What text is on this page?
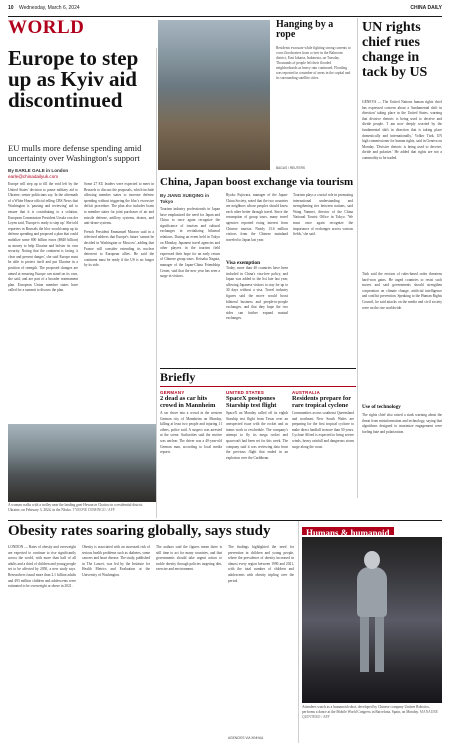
10 Wednesday, March 6, 2024	CHINA DAILY
WORLD
Europe to step up as Kyiv aid discontinued
EU mulls more defense spending amid uncertainty over Washington's support
By EARLE GALE in London
earle@chinadailyuk.com

Europe will step up to fill the void left by the United States' decision to pause military aid to Ukraine, senior politicians say. In the aftermath of a White House official telling CBS News that Washington is 'pausing and reviewing' aid to ensure that it is contributing to a solution, European Commission President Ursula von der Leyen said, 'Europe is ready to step up.' She told reporters in Brussels the bloc would ramp up its defense spending and proposed a plan that could mobilize some 800 billion euros ($840 billion) as money to help Ukraine and bolster its own security. Noting that the continent is facing 'a clear and present danger', she said Europe must be able to protect itself and put Ukraine in a position of strength. The proposed changes are aimed at ensuring Europe can stand on its own, she said, and are part of a broader rearmament plan. European Union member states have called for a summit to discuss the plan.

Some 27 EU leaders were expected to meet in Brussels to discuss the proposals, which include allowing member states to increase defense spending without triggering the bloc's excessive deficit procedure. The plan also includes loans to member states for joint purchases of air and missile defense, artillery systems, drones, and anti-drone systems.

French President Emmanuel Macron said in a televised address that Europe's future 'cannot be decided in Washington or Moscow', adding that France will consider extending its nuclear deterrent to European allies. He said the continent must be ready if the US is no longer by its side.

Hanging by a rope
Residents evacuate while fighting strong currents to cross floodwaters from a river in the Bahroom district, East Jakarta, Indonesia, on Tuesday. Thousands of people left their flooded neighborhoods as heavy rain continued. Flooding was reported in a number of areas in the capital and its surrounding satellite cities.
BAGUS / REUTERS
UN rights chief rues change in tack by US
GENEVA — The United Nations human rights chief has expressed concern about a 'fundamental shift in direction' taking place in the United States, warning that divisive rhetoric is being used to deceive and divide people. 'I am now deeply worried by the fundamental shift in direction that is taking place domestically and internationally,' Volker Türk, UN high commissioner for human rights, said in Geneva on Monday. 'Divisive rhetoric is being used to deceive, divide and polarize.' He added that rights are not a commodity to be traded.
Türk said the erosion of rules-based order threatens hard-won gains. He urged countries to resist such moves and said governments should strengthen cooperation on climate change, artificial intelligence and conflict prevention. Speaking to the Human Rights Council, he said attacks on the media and civil society were on the rise worldwide.
Use of technology
The rights chief also raised a stark warning about the threat from misinformation and technology, saying that algorithms designed to maximize engagement were fueling hate and polarization.
China, Japan boost exchange via tourism
By JIANG XUEQING in Tokyo
Tourism industry professionals in Japan have emphasized the need for Japan and China to once again recognize the significance of tourism and cultural exchanges in revitalizing bilateral relations. During an event held in Tokyo on Monday, Japanese travel agencies and other players in the tourism field expressed their hope for an early return of Chinese group tours. Keisaku Nagata, manager of the Japan-China Friendship Center, said that the new year has seen a surge in visitors.
Ryoko Fujiwara, manager of the Japan-China Society, noted that the two countries are neighbors whose peoples should know each other better through travel. Since the resumption of group tours, many travel agencies reported rising interest from Chinese tourists. Nearly 13.6 million visitors from the Chinese mainland traveled to Japan last year.
Visa exemption
Today, more than 40 countries have been included in China's visa-free policy, and Japan was added to the list late last year, allowing Japanese visitors to stay for up to 30 days without a visa. Travel industry figures said the move would boost bilateral business and people-to-people exchanges, and that they hope the two sides can further expand mutual exchanges.
Tourism plays a crucial role in promoting international understanding and strengthening ties between nations, said Wang Yanmei, director of the China National Tourist Office in Tokyo. 'We must once again recognize the importance of exchanges across various fields,' she said.
A woman walks with a trolley near the landing gear Hewan in Chattoo in a residential district. Ukraine, on February 3, 2024, in the Nbcko. TYRONE DOMINGO / AFP
Briefly
GERMANY
2 dead as car hits crowd in Mannheim
A car drove into a crowd in the western German city of Mannheim on Monday, killing at least two people and injuring 11 others, police said. A suspect was arrested at the scene. Authorities said the motive was unclear. The driver was a 40-year-old German man, according to local media reports.
UNITED STATES
SpaceX postpones Starship test flight
SpaceX on Monday called off its eighth Starship test flight from Texas over an unexpected issue with the rocket and as teams work to reschedule. The company's attempt to fly its mega rocket and spacecraft had been set for this week. The company said it was reviewing data from the previous flight that ended in an explosion over the Caribbean.
AUSTRALIA
Residents prepare for rare tropical cyclone
Communities across southeast Queensland and northeast New South Wales are preparing for the first tropical cyclone to make direct landfall in more than 50 years. Cyclone Alfred is expected to bring severe winds, heavy rainfall and dangerous storm surge along the coast.
Obesity rates soaring globally, says study
LONDON — Rates of obesity and overweight are expected to continue to rise significantly across the world, with more than half of all adults and a third of children and young people set to be affected by 2050, a new study says. Researchers found more than 2.1 billion adults and 493 million children and adolescents were estimated to be overweight or obese in 2021.
Obesity is associated with an increased risk of serious health problems such as diabetes, some cancers and heart disease. The study, published in The Lancet, was led by the Institute for Health Metrics and Evaluation at the University of Washington.
The authors said the figures mean there is still time to act for many countries, and that governments should take urgent action to tackle obesity through policies targeting diet, exercise and environment.
The findings highlighted the need for prevention in children and young people, where the prevalence of obesity increased in almost every region between 1990 and 2021, with the total number of children and adolescents with obesity tripling over the period.
AGENCIES VIA XINHUA
Humans & humanoid
Attendees watch as a humanoid robot, developed by Chinese company Unitree Robotics, performs a dance at the Mobile World Congress in Barcelona, Spain, on Monday. MANAURE QUINTERO / AFP
